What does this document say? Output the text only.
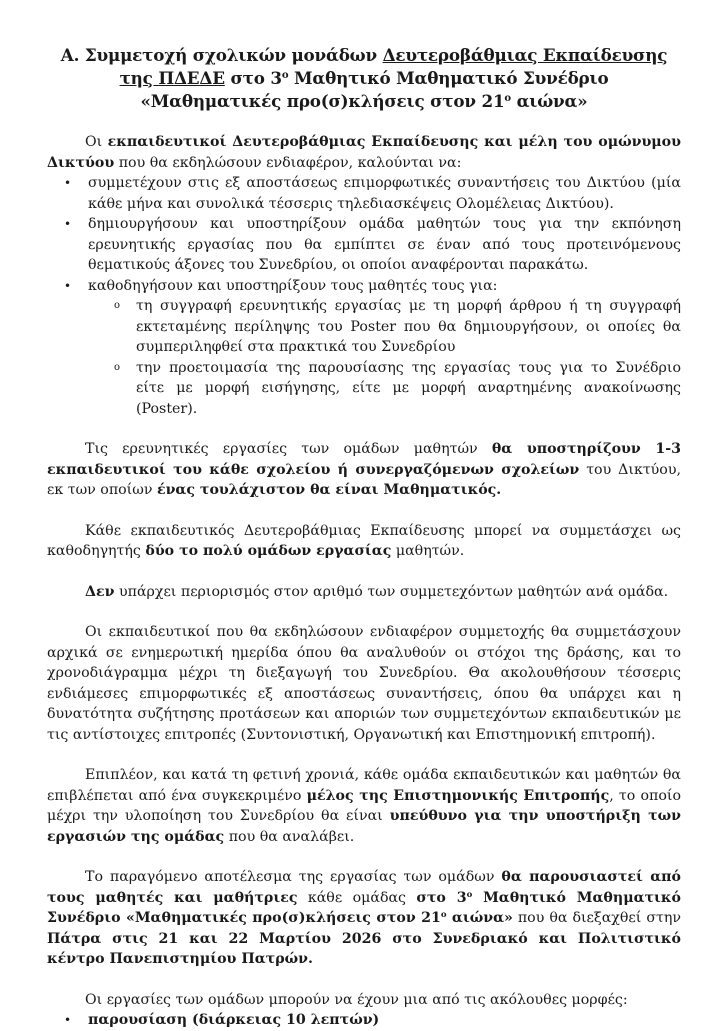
Α. Συμμετοχή σχολικών μονάδων Δευτεροβάθμιας Εκπαίδευσης της ΠΔΕΔΕ στο $3^o$ Μαθητικό Μαθηματικό Συνέδριο «Μαθηματικές προ(σ)κλήσεις στον $21^o$ αιώνα»

Οι εκπαιδευτικοί Δευτεροβάθμιας Εκπαίδευσης και μέλη του ομώνυμου Δικτύου που θα εκδηλώσουν ενδιαφέρον, καλούνται να:

• συμμετέχουν στις εξ αποστάσεως επιμορφωτικές συναντήσεις του Δικτύου (μία κάθε μήνα και συνολικά τέσσερις τηλεδιασκέψεις Ολομέλειας Δικτύου).
• δημιουργήσουν και υποστηρίξουν ομάδα μαθητών τους για την εκπόνηση ερευνητικής εργασίας που θα εμπίπτει σε έναν από τους προτεινόμενους θεματικούς άξονες του Συνεδρίου, οι οποίοι αναφέρονται παρακάτω.
• καθοδηγήσουν και υποστηρίξουν τους μαθητές τους για:
o τη συγγραφή ερευνητικής εργασίας με τη μορφή άρθρου ή τη συγγραφή εκτεταμένης περίληψης του Poster που θα δημιουργήσουν, οι οποίες θα συμπεριληφθεί στα πρακτικά του Συνεδρίου
o την προετοιμασία της παρουσίασης της εργασίας τους για το Συνέδριο είτε με μορφή εισήγησης, είτε με μορφή αναρτημένης ανακοίνωσης (Poster).

Τις ερευνητικές εργασίες των ομάδων μαθητών θα υποστηρίζουν 1-3 εκπαιδευτικοί του κάθε σχολείου ή συνεργαζόμενων σχολείων του Δικτύου, εκ των οποίων ένας τουλάχιστον θα είναι Μαθηματικός.

Κάθε εκπαιδευτικός Δευτεροβάθμιας Εκπαίδευσης μπορεί να συμμετάσχει ως καθοδηγητής δύο το πολύ ομάδων εργασίας μαθητών.

Δεν υπάρχει περιορισμός στον αριθμό των συμμετεχόντων μαθητών ανά ομάδα.

Οι εκπαιδευτικοί που θα εκδηλώσουν ενδιαφέρον συμμετοχής θα συμμετάσχουν αρχικά σε ενημερωτική ημερίδα όπου θα αναλυθούν οι στόχοι της δράσης, και το χρονοδιάγραμμα μέχρι τη διεξαγωγή του Συνεδρίου. Θα ακολουθήσουν τέσσερις ενδιάμεσες επιμορφωτικές εξ αποστάσεως συναντήσεις, όπου θα υπάρχει και η δυνατότητα συζήτησης προτάσεων και αποριών των συμμετεχόντων εκπαιδευτικών με τις αντίστοιχες επιτροπές (Συντονιστική, Οργανωτική και Επιστημονική επιτροπή).

Επιπλέον, και κατά τη φετινή χρονιά, κάθε ομάδα εκπαιδευτικών και μαθητών θα επιβλέπεται από ένα συγκεκριμένο μέλος της Επιστημονικής Επιτροπής, το οποίο μέχρι την υλοποίηση του Συνεδρίου θα είναι υπεύθυνο για την υποστήριξη των εργασιών της ομάδας που θα αναλάβει.

Το παραγόμενο αποτέλεσμα της εργασίας των ομάδων θα παρουσιαστεί από τους μαθητές και μαθήτριες κάθε ομάδας στο $3^o$ Μαθητικό Μαθηματικό Συνέδριο «Μαθηματικές προ(σ)κλήσεις στον $21^o$ αιώνα» που θα διεξαχθεί στην Πάτρα στις 21 και 22 Μαρτίου 2026 στο Συνεδριακό και Πολιτιστικό κέντρο Πανεπιστημίου Πατρών.

Οι εργασίες των ομάδων μπορούν να έχουν μια από τις ακόλουθες μορφές:

• παρουσίαση (διάρκειας 10 λεπτών)
